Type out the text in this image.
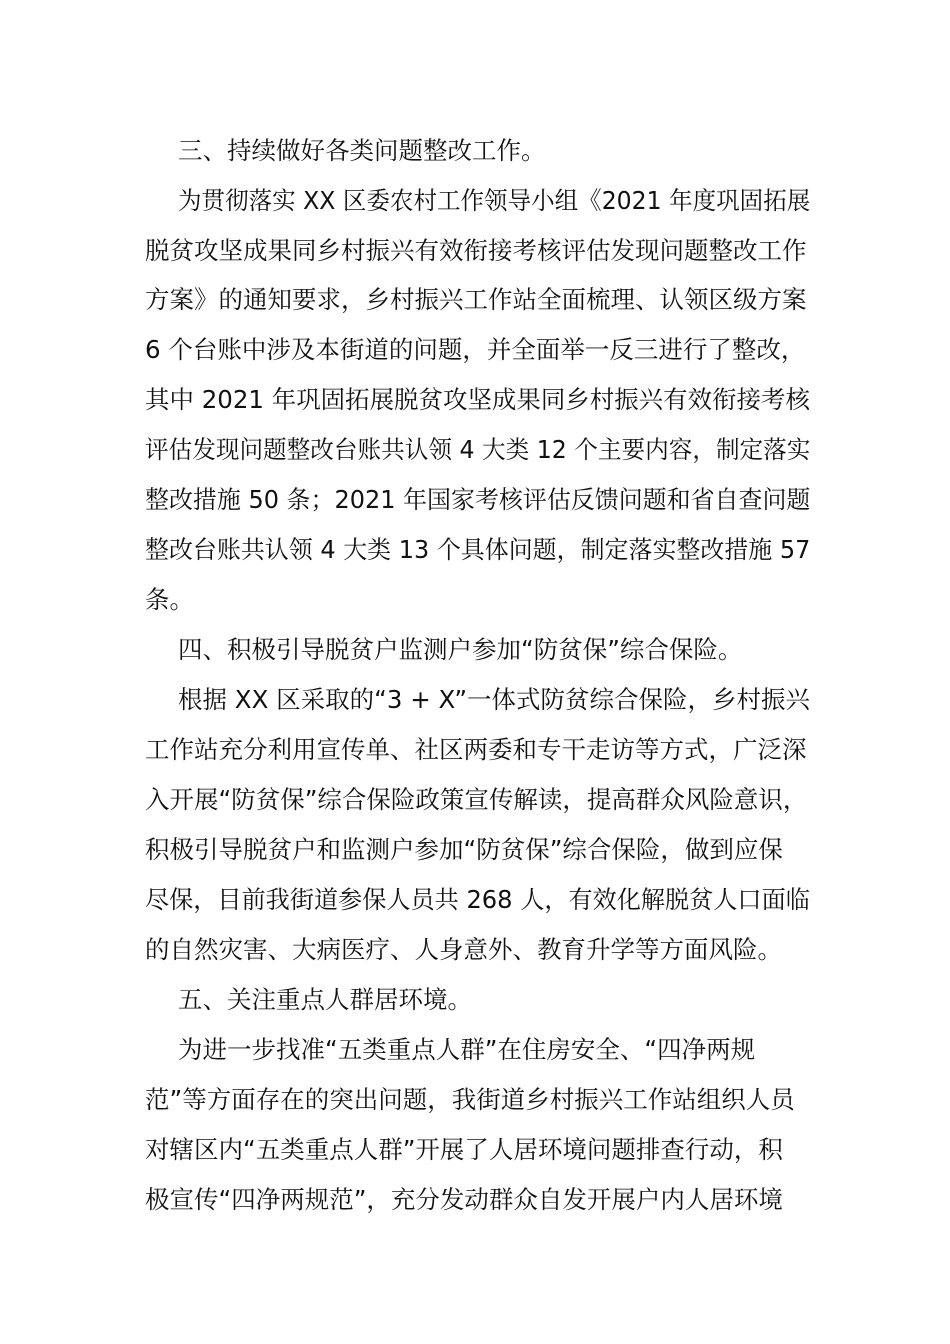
三、持续做好各类问题整改工作。
为贯彻落实 XX 区委农村工作领导小组《2021 年度巩固拓展
脱贫攻坚成果同乡村振兴有效衔接考核评估发现问题整改工作
方案》的通知要求，乡村振兴工作站全面梳理、认领区级方案
6 个台账中涉及本街道的问题，并全面举一反三进行了整改，
其中 2021 年巩固拓展脱贫攻坚成果同乡村振兴有效衔接考核
评估发现问题整改台账共认领 4 大类 12 个主要内容，制定落实
整改措施 50 条；2021 年国家考核评估反馈问题和省自查问题
整改台账共认领 4 大类 13 个具体问题，制定落实整改措施 57
条。
四、积极引导脱贫户监测户参加“防贫保”综合保险。
根据 XX 区采取的“3 + X”一体式防贫综合保险，乡村振兴
工作站充分利用宣传单、社区两委和专干走访等方式，广泛深
入开展“防贫保”综合保险政策宣传解读，提高群众风险意识，
积极引导脱贫户和监测户参加“防贫保”综合保险，做到应保
尽保，目前我街道参保人员共 268 人，有效化解脱贫人口面临
的自然灾害、大病医疗、人身意外、教育升学等方面风险。
五、关注重点人群居环境。
为进一步找准“五类重点人群”在住房安全、“四净两规
范”等方面存在的突出问题，我街道乡村振兴工作站组织人员
对辖区内“五类重点人群”开展了人居环境问题排查行动，积
极宣传“四净两规范”，充分发动群众自发开展户内人居环境
